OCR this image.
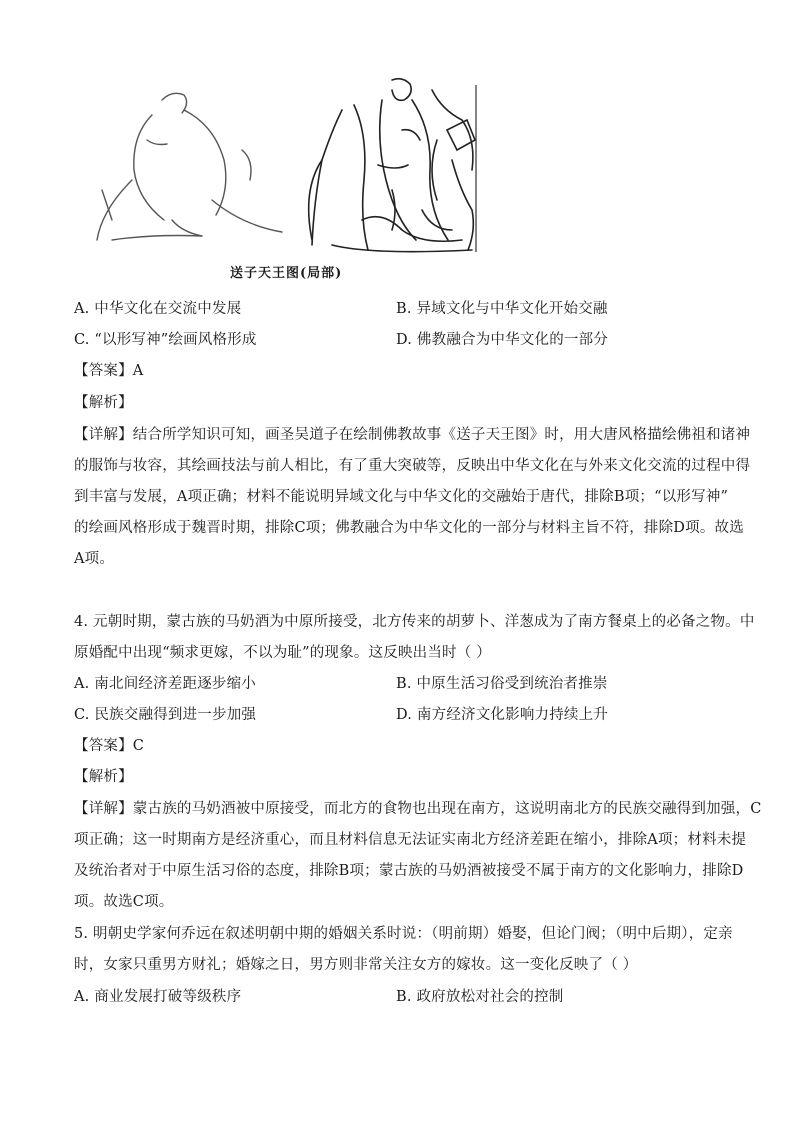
送子天王图(局部)
A. 中华文化在交流中发展	B. 异域文化与中华文化开始交融
C. “以形写神”绘画风格形成	D. 佛教融合为中华文化的一部分
【答案】A
【解析】
【详解】结合所学知识可知，画圣吴道子在绘制佛教故事《送子天王图》时，用大唐风格描绘佛祖和诸神
的服饰与妆容，其绘画技法与前人相比，有了重大突破等，反映出中华文化在与外来文化交流的过程中得
到丰富与发展，A项正确；材料不能说明异域文化与中华文化的交融始于唐代，排除B项；“以形写神”
的绘画风格形成于魏晋时期，排除C项；佛教融合为中华文化的一部分与材料主旨不符，排除D项。故选
A项。
4. 元朝时期，蒙古族的马奶酒为中原所接受，北方传来的胡萝卜、洋葱成为了南方餐桌上的必备之物。中
原婚配中出现“频求更嫁，不以为耻”的现象。这反映出当时（ ）
A. 南北间经济差距逐步缩小	B. 中原生活习俗受到统治者推崇
C. 民族交融得到进一步加强	D. 南方经济文化影响力持续上升
【答案】C
【解析】
【详解】蒙古族的马奶酒被中原接受，而北方的食物也出现在南方，这说明南北方的民族交融得到加强，C
项正确；这一时期南方是经济重心，而且材料信息无法证实南北方经济差距在缩小，排除A项；材料未提
及统治者对于中原生活习俗的态度，排除B项；蒙古族的马奶酒被接受不属于南方的文化影响力，排除D
项。故选C项。
5. 明朝史学家何乔远在叙述明朝中期的婚姻关系时说：（明前期）婚娶，但论门阀；（明中后期），定亲
时，女家只重男方财礼；婚嫁之日，男方则非常关注女方的嫁妆。这一变化反映了（ ）
A. 商业发展打破等级秩序	B. 政府放松对社会的控制
